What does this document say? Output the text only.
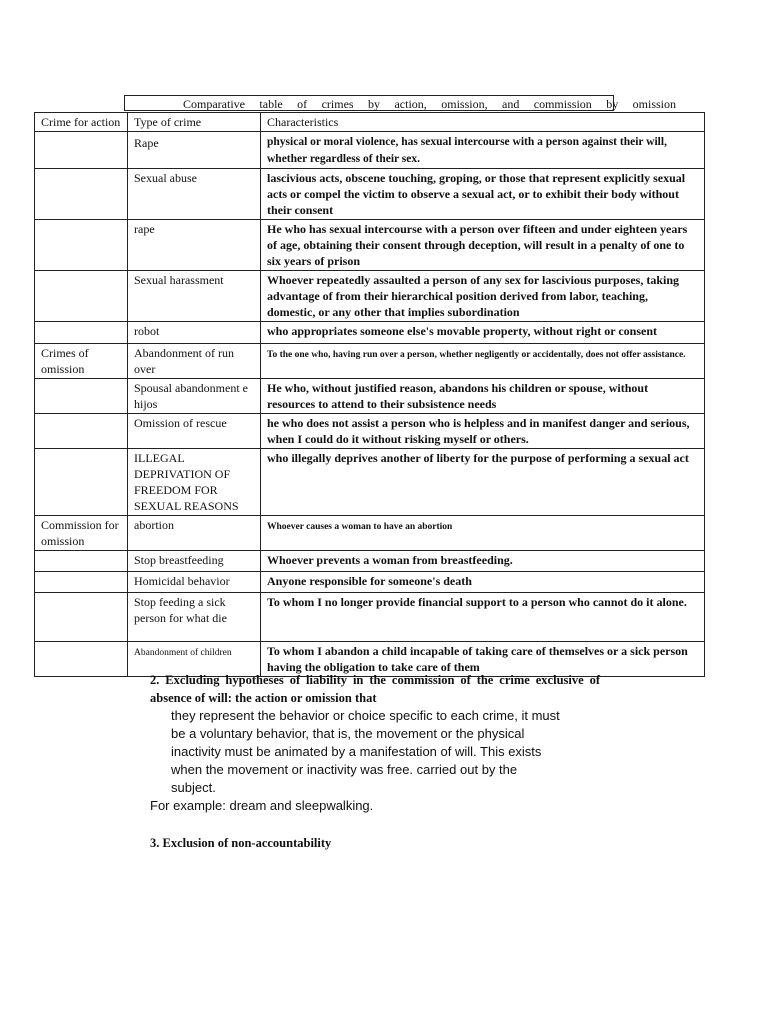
Comparative table of crimes by action, omission, and commission by omission
Crime for action	Type of crime	Characteristics
	Rape	physical or moral violence, has sexual intercourse with a person against their will, whether regardless of their sex.
	Sexual abuse	lascivious acts, obscene touching, groping, or those that represent explicitly sexual acts or compel the victim to observe a sexual act, or to exhibit their body without their consent
	rape	He who has sexual intercourse with a person over fifteen and under eighteen years of age, obtaining their consent through deception, will result in a penalty of one to six years of prison
	Sexual harassment	Whoever repeatedly assaulted a person of any sex for lascivious purposes, taking advantage of from their hierarchical position derived from labor, teaching, domestic, or any other that implies subordination
	robot	who appropriates someone else's movable property, without right or consent
Crimes of omission	Abandonment of run over	To the one who, having run over a person, whether negligently or accidentally, does not offer assistance.
	Spousal abandonment e hijos	He who, without justified reason, abandons his children or spouse, without resources to attend to their subsistence needs
	Omission of rescue	he who does not assist a person who is helpless and in manifest danger and serious, when I could do it without risking myself or others.
	ILLEGAL DEPRIVATION OF FREEDOM FOR SEXUAL REASONS	who illegally deprives another of liberty for the purpose of performing a sexual act
Commission for omission	abortion	Whoever causes a woman to have an abortion
	Stop breastfeeding	Whoever prevents a woman from breastfeeding.
	Homicidal behavior	Anyone responsible for someone's death
	Stop feeding a sick person for what die	To whom I no longer provide financial support to a person who cannot do it alone.
	Abandonment of children	To whom I abandon a child incapable of taking care of themselves or a sick person having the obligation to take care of them
2. Excluding hypotheses of liability in the commission of the crime exclusive of absence of will: the action or omission that
they represent the behavior or choice specific to each crime, it must be a voluntary behavior, that is, the movement or the physical inactivity must be animated by a manifestation of will. This exists when the movement or inactivity was free. carried out by the subject.
For example: dream and sleepwalking.
3. Exclusion of non-accountability
